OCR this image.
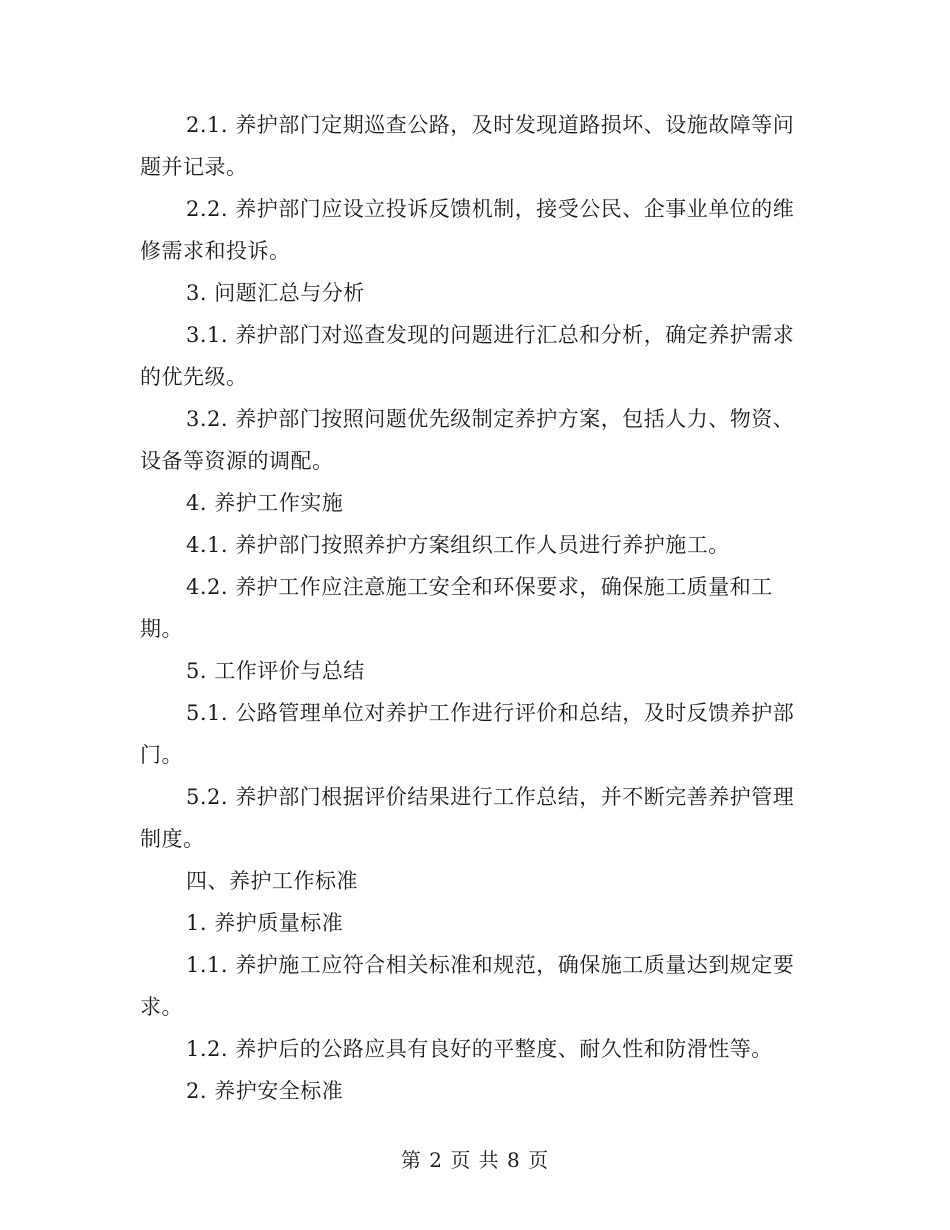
2.1. 养护部门定期巡查公路，及时发现道路损坏、设施故障等问题并记录。

2.2. 养护部门应设立投诉反馈机制，接受公民、企事业单位的维修需求和投诉。

3. 问题汇总与分析

3.1. 养护部门对巡查发现的问题进行汇总和分析，确定养护需求的优先级。

3.2. 养护部门按照问题优先级制定养护方案，包括人力、物资、设备等资源的调配。

4. 养护工作实施

4.1. 养护部门按照养护方案组织工作人员进行养护施工。

4.2. 养护工作应注意施工安全和环保要求，确保施工质量和工期。

5. 工作评价与总结

5.1. 公路管理单位对养护工作进行评价和总结，及时反馈养护部门。

5.2. 养护部门根据评价结果进行工作总结，并不断完善养护管理制度。

四、养护工作标准

1. 养护质量标准

1.1. 养护施工应符合相关标准和规范，确保施工质量达到规定要求。

1.2. 养护后的公路应具有良好的平整度、耐久性和防滑性等。

2. 养护安全标准

第 2 页 共 8 页
